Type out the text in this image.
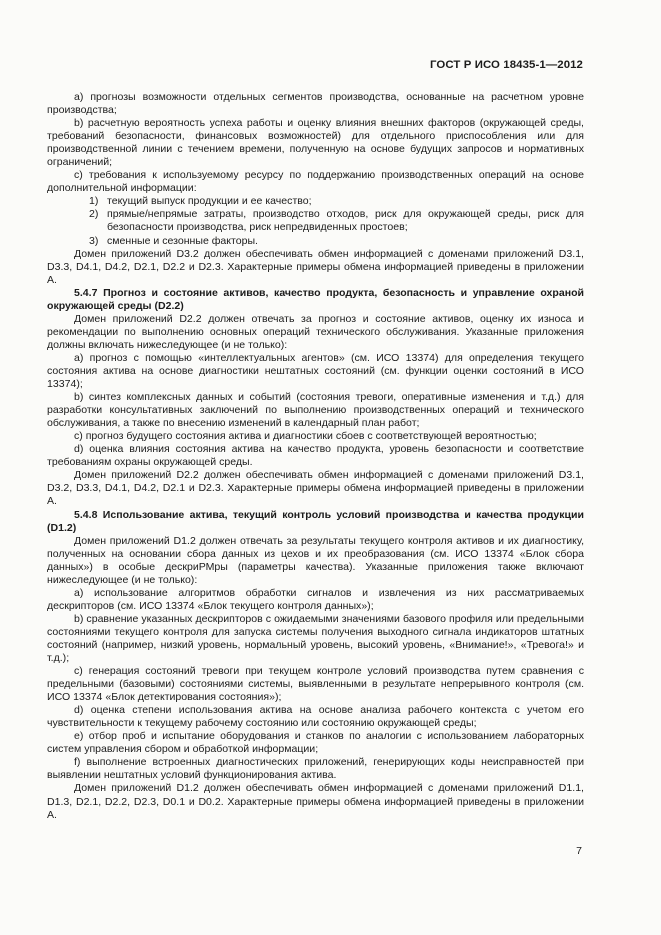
ГОСТ Р ИСО 18435-1—2012

a) прогнозы возможности отдельных сегментов производства, основанные на расчетном уровне производства;

b) расчетную вероятность успеха работы и оценку влияния внешних факторов (окружающей среды, требований безопасности, финансовых возможностей) для отдельного приспособления или для производственной линии с течением времени, полученную на основе будущих запросов и нормативных ограничений;

c) требования к используемому ресурсу по поддержанию производственных операций на основе дополнительной информации:

1) текущий выпуск продукции и ее качество;

2) прямые/непрямые затраты, производство отходов, риск для окружающей среды, риск для безопасности производства, риск непредвиденных простоев;

3) сменные и сезонные факторы.

Домен приложений D3.2 должен обеспечивать обмен информацией с доменами приложений D3.1, D3.3, D4.1, D4.2, D2.1, D2.2 и D2.3. Характерные примеры обмена информацией приведены в приложении А.

5.4.7 Прогноз и состояние активов, качество продукта, безопасность и управление охраной окружающей среды (D2.2)

Домен приложений D2.2 должен отвечать за прогноз и состояние активов, оценку их износа и рекомендации по выполнению основных операций технического обслуживания. Указанные приложения должны включать нижеследующее (и не только):

a) прогноз с помощью «интеллектуальных агентов» (см. ИСО 13374) для определения текущего состояния актива на основе диагностики нештатных состояний (см. функции оценки состояний в ИСО 13374);

b) синтез комплексных данных и событий (состояния тревоги, оперативные изменения и т.д.) для разработки консультативных заключений по выполнению производственных операций и технического обслуживания, а также по внесению изменений в календарный план работ;

c) прогноз будущего состояния актива и диагностики сбоев с соответствующей вероятностью;

d) оценка влияния состояния актива на качество продукта, уровень безопасности и соответствие требованиям охраны окружающей среды.

Домен приложений D2.2 должен обеспечивать обмен информацией с доменами приложений D3.1, D3.2, D3.3, D4.1, D4.2, D2.1 и D2.3. Характерные примеры обмена информацией приведены в приложении А.

5.4.8 Использование актива, текущий контроль условий производства и качества продукции (D1.2)

Домен приложений D1.2 должен отвечать за результаты текущего контроля активов и их диагностику, полученных на основании сбора данных из цехов и их преобразования (см. ИСО 13374 «Блок сбора данных») в особые дескриРМры (параметры качества). Указанные приложения также включают нижеследующее (и не только):

a) использование алгоритмов обработки сигналов и извлечения из них рассматриваемых дескрипторов (см. ИСО 13374 «Блок текущего контроля данных»);

b) сравнение указанных дескрипторов с ожидаемыми значениями базового профиля или предельными состояниями текущего контроля для запуска системы получения выходного сигнала индикаторов штатных состояний (например, низкий уровень, нормальный уровень, высокий уровень, «Внимание!», «Тревога!» и т.д.);

c) генерация состояний тревоги при текущем контроле условий производства путем сравнения с предельными (базовыми) состояниями системы, выявленными в результате непрерывного контроля (см. ИСО 13374 «Блок детектирования состояния»);

d) оценка степени использования актива на основе анализа рабочего контекста с учетом его чувствительности к текущему рабочему состоянию или состоянию окружающей среды;

e) отбор проб и испытание оборудования и станков по аналогии с использованием лабораторных систем управления сбором и обработкой информации;

f) выполнение встроенных диагностических приложений, генерирующих коды неисправностей при выявлении нештатных условий функционирования актива.

Домен приложений D1.2 должен обеспечивать обмен информацией с доменами приложений D1.1, D1.3, D2.1, D2.2, D2.3, D0.1 и D0.2. Характерные примеры обмена информацией приведены в приложении А.

7
